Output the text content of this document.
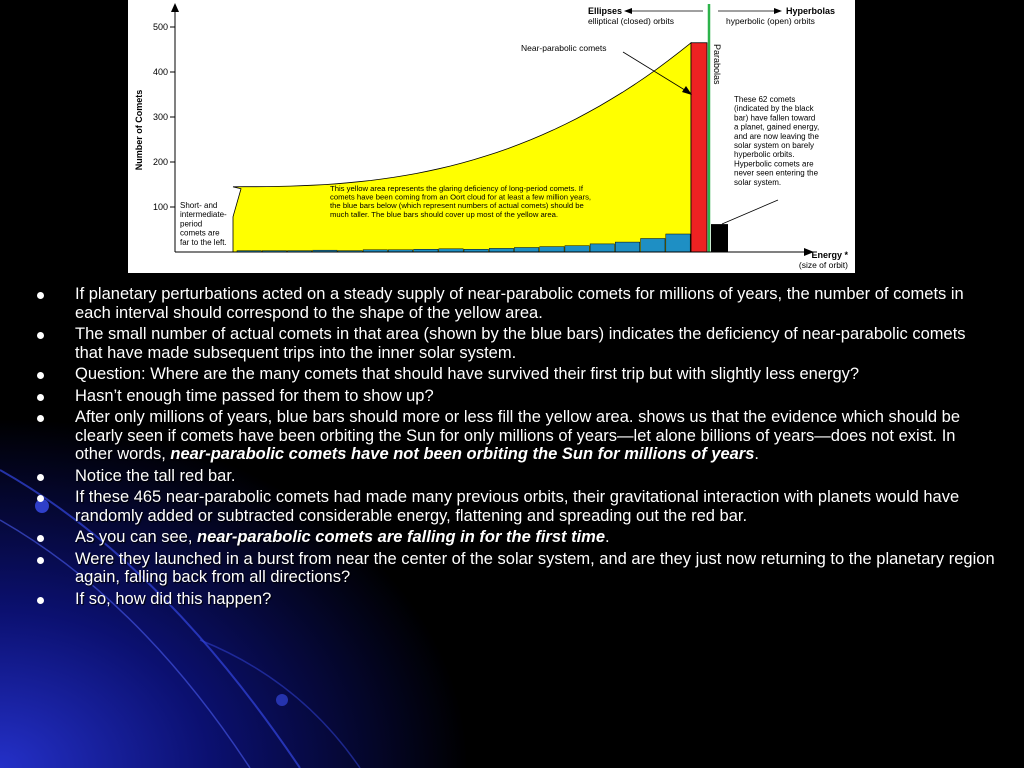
100
200
300
400
500
Number of Comets
Energy *
(size of orbit)
Ellipses
elliptical (closed) orbits
Hyperbolas
hyperbolic (open) orbits
Parabolas
Near-parabolic comets
These 62 comets (indicated by the black bar) have fallen toward a planet, gained energy, and are now leaving the solar system on barely hyperbolic orbits. Hyperbolic comets are never seen entering the solar system.
Short- and intermediate-period comets are far to the left.
This yellow area represents the glaring deficiency of long-period comets. If comets have been coming from an Oort cloud for at least a few million years, the blue bars below (which represent numbers of actual comets) should be much taller. The blue bars should cover up most of the yellow area.
If planetary perturbations acted on a steady supply of near-parabolic comets for millions of years, the number of comets in each interval should correspond to the shape of the yellow area.
The small number of actual comets in that area (shown by the blue bars) indicates the deficiency of near-parabolic comets that have made subsequent trips into the inner solar system.
Question: Where are the many comets that should have survived their first trip but with slightly less energy?
Hasn’t enough time passed for them to show up?
After only millions of years, blue bars should more or less fill the yellow area. shows us that the evidence which should be clearly seen if comets have been orbiting the Sun for only millions of years—let alone billions of years—does not exist. In other words, near-parabolic comets have not been orbiting the Sun for millions of years.
Notice the tall red bar.
If these 465 near-parabolic comets had made many previous orbits, their gravitational interaction with planets would have randomly added or subtracted considerable energy, flattening and spreading out the red bar.
As you can see, near-parabolic comets are falling in for the first time.
Were they launched in a burst from near the center of the solar system, and are they just now returning to the planetary region again, falling back from all directions?
If so, how did this happen?
